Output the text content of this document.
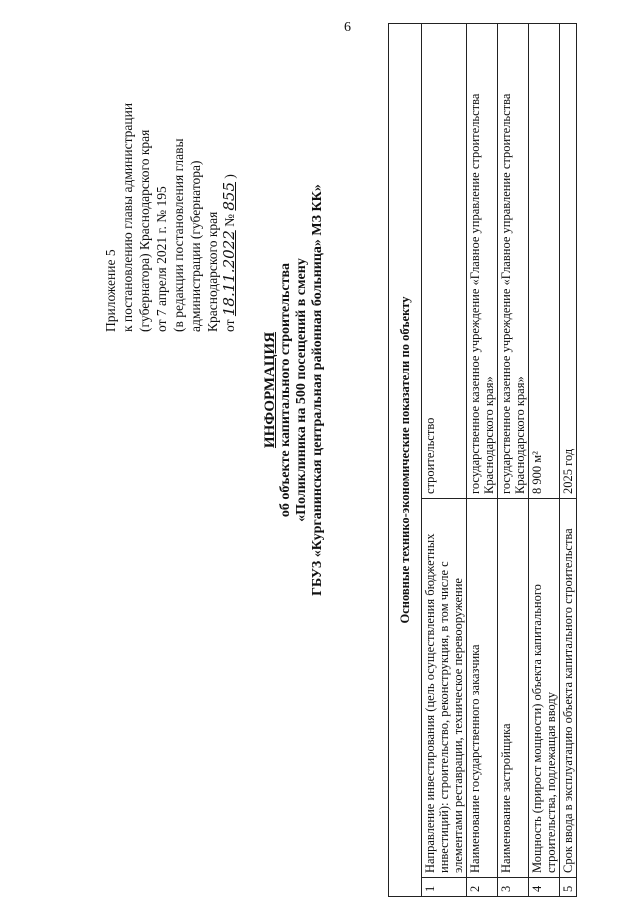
6
Приложение 5 к постановлению главы администрации (губернатора) Краснодарского края от 7 апреля 2021 г. № 195 (в редакции постановления главы администрации (губернатора) Краснодарского края от 18.11.2022 № 855 )
ИНФОРМАЦИЯ об объекте капитального строительства «Поликлиника на 500 посещений в смену ГБУЗ «Курганинская центральная районная больница» МЗ КК»	Основные технико-экономические показатели по объекту		
1	Направление инвестирования (цель осуществления бюджетных инвестиций): строительство, реконструкция, в том числе с элементами реставрации, техническое перевооружение	строительство
2	Наименование государственного заказчика	государственное казенное учреждение «Главное управление строительства Краснодарского края»
3	Наименование застройщика	государственное казенное учреждение «Главное управление строительства Краснодарского края»
4	Мощность (прирост мощности) объекта капитального строительства, подлежащая вводу	8 900 м²
5	Срок ввода в эксплуатацию объекта капитального строительства	2025 год
